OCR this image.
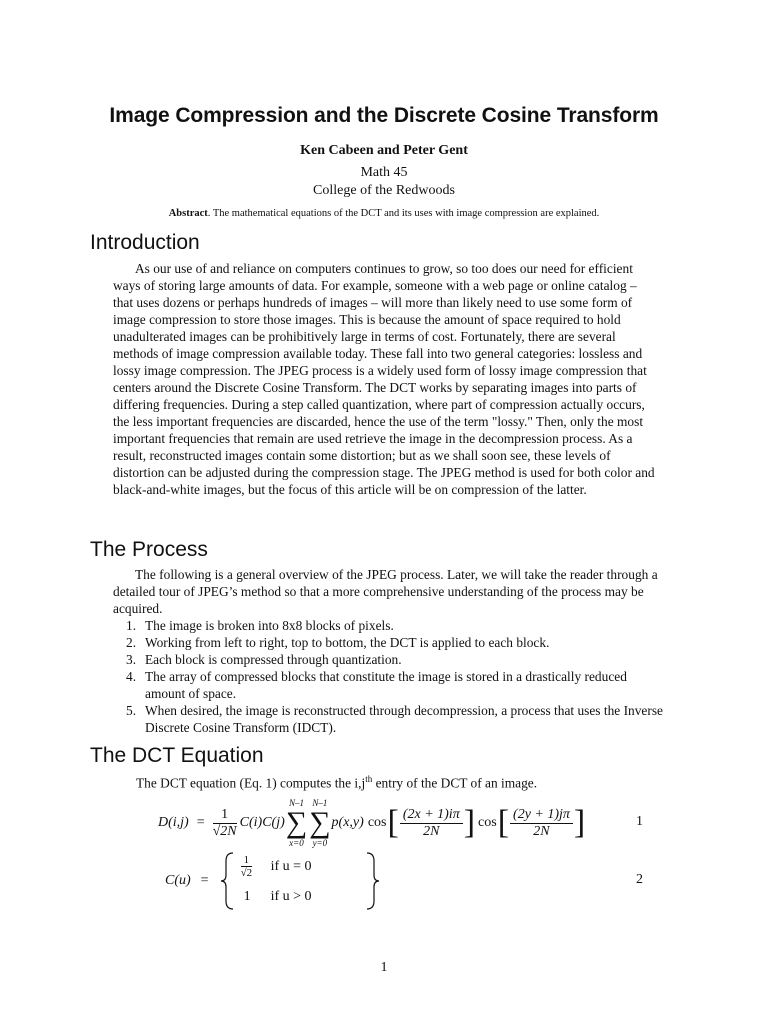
Image Compression and the Discrete Cosine Transform
Ken Cabeen and Peter Gent
Math 45
College of the Redwoods
Abstract. The mathematical equations of the DCT and its uses with image compression are explained.
Introduction

As our use of and reliance on computers continues to grow, so too does our need for efficient ways of storing large amounts of data. For example, someone with a web page or online catalog – that uses dozens or perhaps hundreds of images – will more than likely need to use some form of image compression to store those images. This is because the amount of space required to hold unadulterated images can be prohibitively large in terms of cost. Fortunately, there are several methods of image compression available today. These fall into two general categories: lossless and lossy image compression. The JPEG process is a widely used form of lossy image compression that centers around the Discrete Cosine Transform. The DCT works by separating images into parts of differing frequencies. During a step called quantization, where part of compression actually occurs, the less important frequencies are discarded, hence the use of the term "lossy." Then, only the most important frequencies that remain are used retrieve the image in the decompression process. As a result, reconstructed images contain some distortion; but as we shall soon see, these levels of distortion can be adjusted during the compression stage. The JPEG method is used for both color and black-and-white images, but the focus of this article will be on compression of the latter.

The Process

The following is a general overview of the JPEG process. Later, we will take the reader through a detailed tour of JPEG’s method so that a more comprehensive understanding of the process may be acquired.

1. The image is broken into 8x8 blocks of pixels.
2. Working from left to right, top to bottom, the DCT is applied to each block.
3. Each block is compressed through quantization.
4. The array of compressed blocks that constitute the image is stored in a drastically reduced amount of space.
5. When desired, the image is reconstructed through decompression, a process that uses the Inverse Discrete Cosine Transform (IDCT).
The DCT Equation

The DCT equation (Eq. 1) computes the $i,j^{th}$ entry of the DCT of an image.

$D(i,j) = \frac{1}{√2N} C(i)C(j)$
N–1
∑
x=0
N–1
∑
y=0
p(x,y) cos [ $\frac{(2x + 1)i\pi}{2N}$ ] cos [ $\frac{(2y + 1)j\pi}{2N}$ ]	1
C(u) =
$\frac{1}{√2}$ if u = 0
1 if u > 0
2
1
